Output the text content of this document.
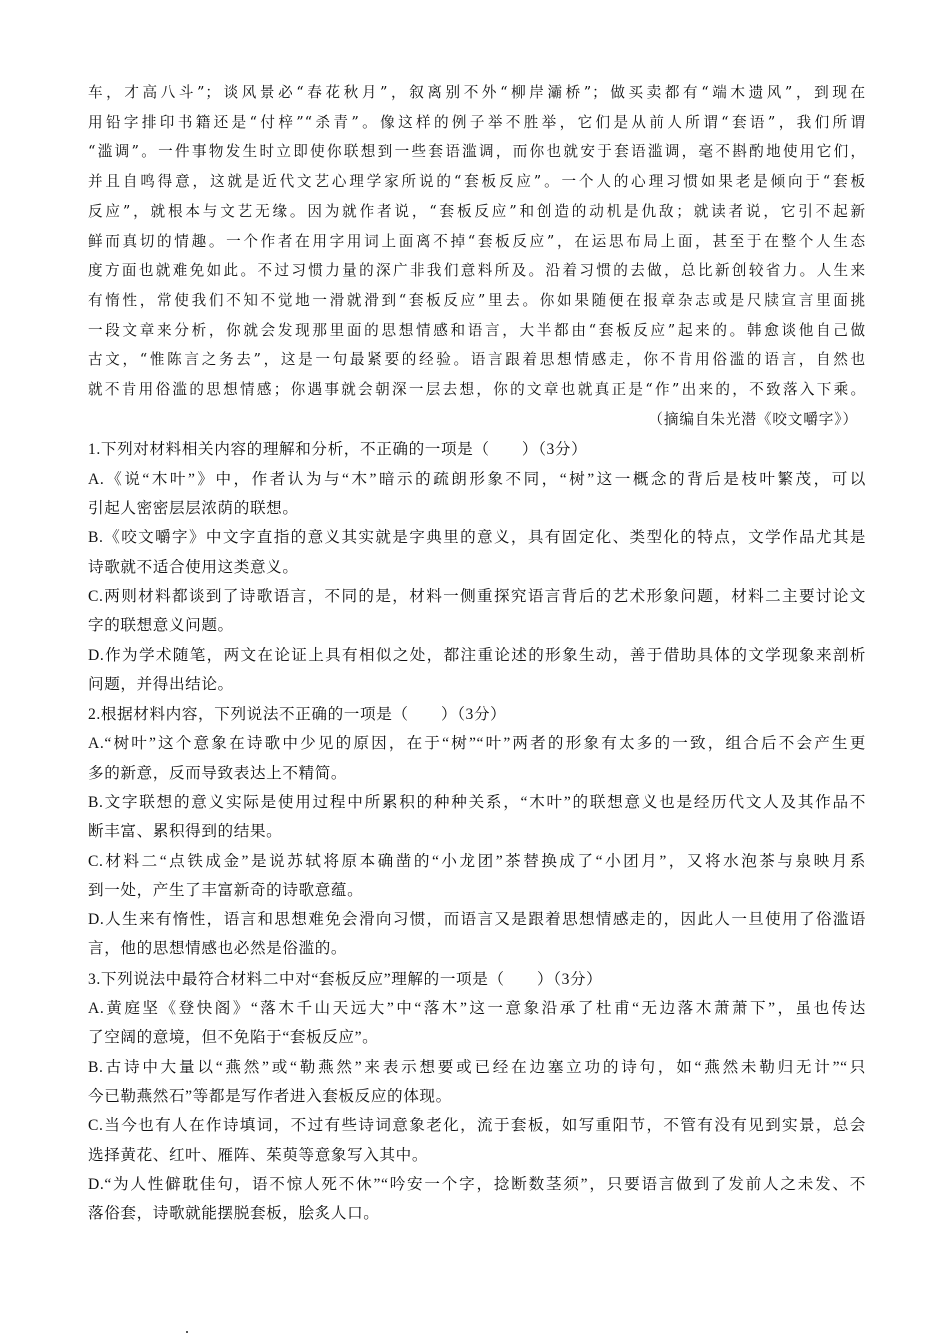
车，才高八斗”；谈风景必“春花秋月”，叙离别不外“柳岸灞桥”；做买卖都有“端木遗风”，到现在

用铅字排印书籍还是“付梓”“杀青”。像这样的例子举不胜举，它们是从前人所谓“套语”，我们所谓

“滥调”。一件事物发生时立即使你联想到一些套语滥调，而你也就安于套语滥调，毫不斟酌地使用它们，

并且自鸣得意，这就是近代文艺心理学家所说的“套板反应”。一个人的心理习惯如果老是倾向于“套板

反应”，就根本与文艺无缘。因为就作者说，“套板反应”和创造的动机是仇敌；就读者说，它引不起新

鲜而真切的情趣。一个作者在用字用词上面离不掉“套板反应”，在运思布局上面，甚至于在整个人生态

度方面也就难免如此。不过习惯力量的深广非我们意料所及。沿着习惯的去做，总比新创较省力。人生来

有惰性，常使我们不知不觉地一滑就滑到“套板反应”里去。你如果随便在报章杂志或是尺牍宣言里面挑

一段文章来分析，你就会发现那里面的思想情感和语言，大半都由“套板反应”起来的。韩愈谈他自己做

古文，“惟陈言之务去”，这是一句最紧要的经验。语言跟着思想情感走，你不肯用俗滥的语言，自然也

就不肯用俗滥的思想情感；你遇事就会朝深一层去想，你的文章也就真正是“作”出来的，不致落入下乘。

（摘编自朱光潜《咬文嚼字》）

1.下列对材料相关内容的理解和分析，不正确的一项是（　　）（3分）

A.《说“木叶”》中，作者认为与“木”暗示的疏朗形象不同，“树”这一概念的背后是枝叶繁茂，可以

引起人密密层层浓荫的联想。

B.《咬文嚼字》中文字直指的意义其实就是字典里的意义，具有固定化、类型化的特点，文学作品尤其是

诗歌就不适合使用这类意义。

C.两则材料都谈到了诗歌语言，不同的是，材料一侧重探究语言背后的艺术形象问题，材料二主要讨论文

字的联想意义问题。

D.作为学术随笔，两文在论证上具有相似之处，都注重论述的形象生动，善于借助具体的文学现象来剖析

问题，并得出结论。

2.根据材料内容，下列说法不正确的一项是（　　）（3分）

A.“树叶”这个意象在诗歌中少见的原因，在于“树”“叶”两者的形象有太多的一致，组合后不会产生更

多的新意，反而导致表达上不精简。

B.文字联想的意义实际是使用过程中所累积的种种关系，“木叶”的联想意义也是经历代文人及其作品不

断丰富、累积得到的结果。

C.材料二“点铁成金”是说苏轼将原本确凿的“小龙团”茶替换成了“小团月”，又将水泡茶与泉映月系

到一处，产生了丰富新奇的诗歌意蕴。

D.人生来有惰性，语言和思想难免会滑向习惯，而语言又是跟着思想情感走的，因此人一旦使用了俗滥语

言，他的思想情感也必然是俗滥的。

3.下列说法中最符合材料二中对“套板反应”理解的一项是（　　）（3分）

A.黄庭坚《登快阁》“落木千山天远大”中“落木”这一意象沿承了杜甫“无边落木萧萧下”，虽也传达

了空阔的意境，但不免陷于“套板反应”。

B.古诗中大量以“燕然”或“勒燕然”来表示想要或已经在边塞立功的诗句，如“燕然未勒归无计”“只

今已勒燕然石”等都是写作者进入套板反应的体现。

C.当今也有人在作诗填词，不过有些诗词意象老化，流于套板，如写重阳节，不管有没有见到实景，总会

选择黄花、红叶、雁阵、茱萸等意象写入其中。

D.“为人性僻耽佳句，语不惊人死不休”“吟安一个字，捻断数茎须”，只要语言做到了发前人之未发、不

落俗套，诗歌就能摆脱套板，脍炙人口。
